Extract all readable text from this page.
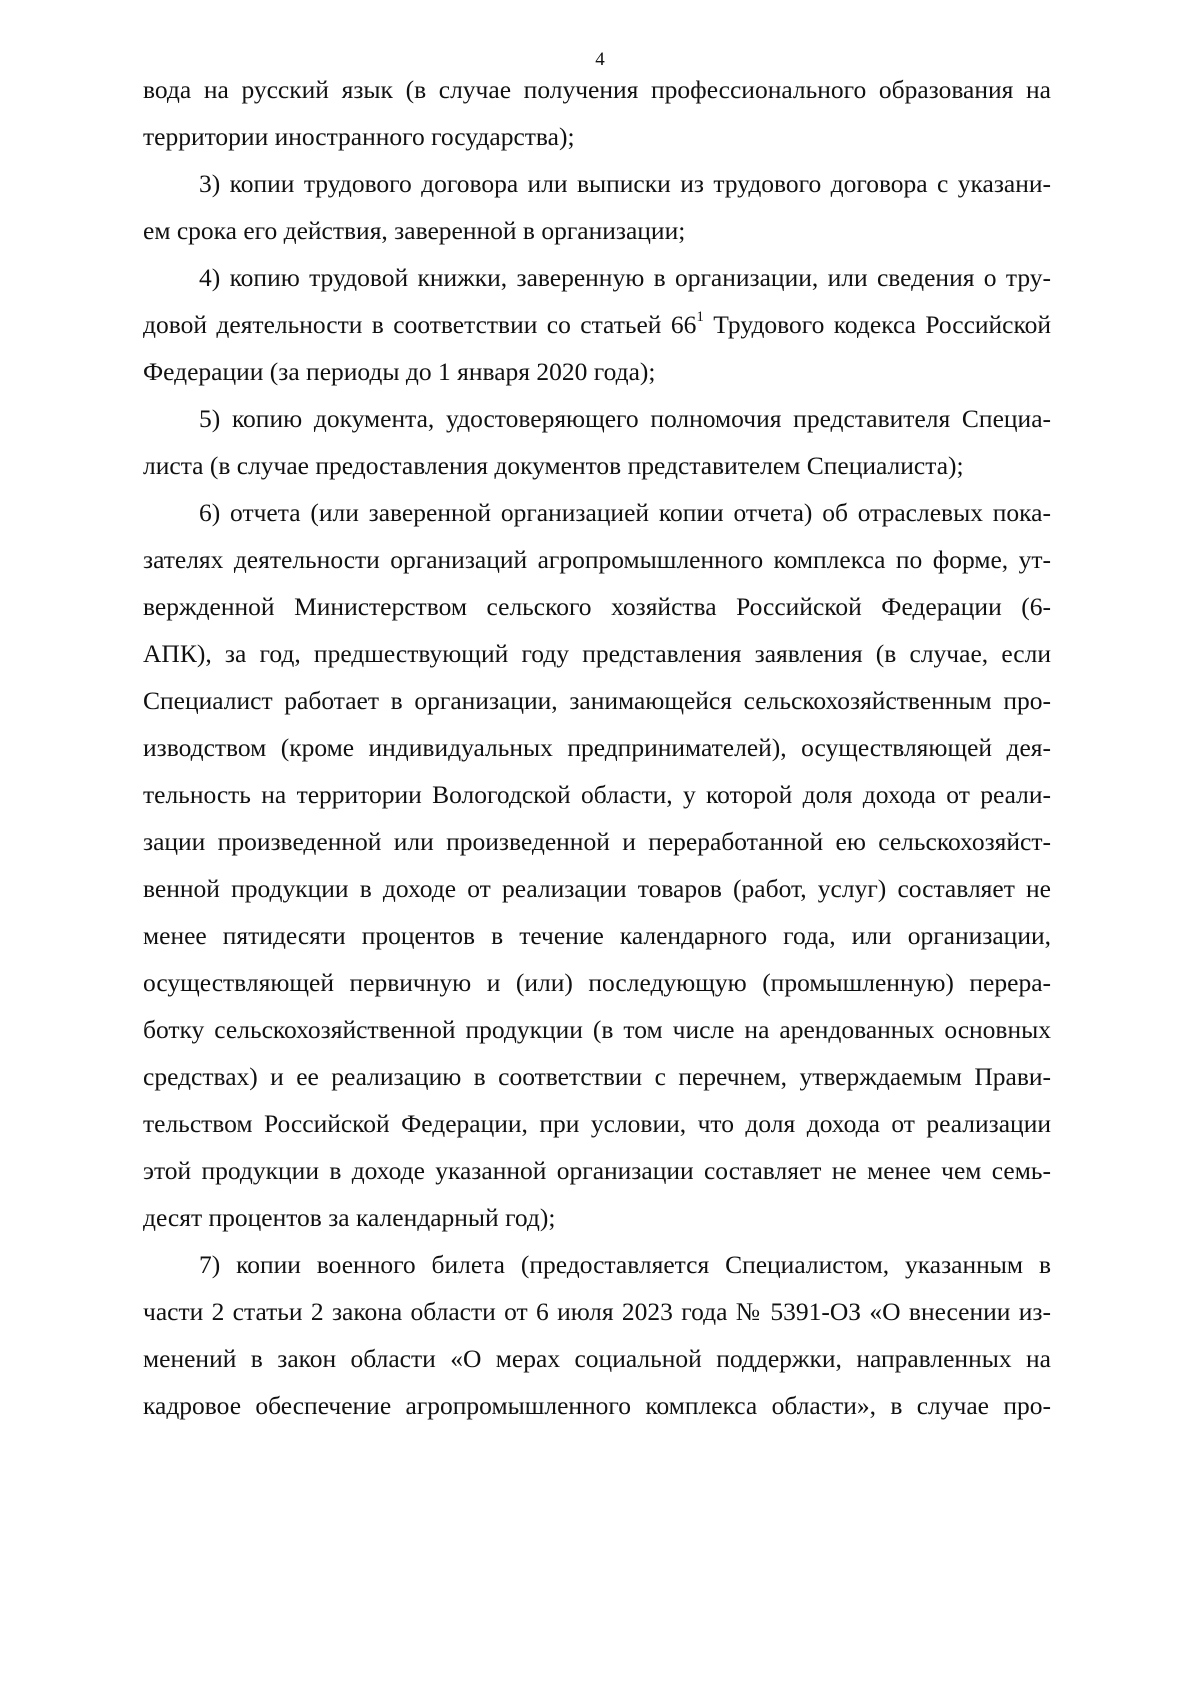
4
вода на русский язык (в случае получения профессионального образования на
территории иностранного государства);
3) копии трудового договора или выписки из трудового договора с указани-
ем срока его действия, заверенной в организации;
4) копию трудовой книжки, заверенную в организации, или сведения о тру-
довой деятельности в соответствии со статьей $66^1$ Трудового кодекса Российской
Федерации (за периоды до 1 января 2020 года);
5) копию документа, удостоверяющего полномочия представителя Специа-
листа (в случае предоставления документов представителем Специалиста);
6) отчета (или заверенной организацией копии отчета) об отраслевых пока-
зателях деятельности организаций агропромышленного комплекса по форме, ут-
вержденной Министерством сельского хозяйства Российской Федерации (6-
АПК), за год, предшествующий году представления заявления (в случае, если
Специалист работает в организации, занимающейся сельскохозяйственным про-
изводством (кроме индивидуальных предпринимателей), осуществляющей дея-
тельность на территории Вологодской области, у которой доля дохода от реали-
зации произведенной или произведенной и переработанной ею сельскохозяйст-
венной продукции в доходе от реализации товаров (работ, услуг) составляет не
менее пятидесяти процентов в течение календарного года, или организации,
осуществляющей первичную и (или) последующую (промышленную) перера-
ботку сельскохозяйственной продукции (в том числе на арендованных основных
средствах) и ее реализацию в соответствии с перечнем, утверждаемым Прави-
тельством Российской Федерации, при условии, что доля дохода от реализации
этой продукции в доходе указанной организации составляет не менее чем семь-
десят процентов за календарный год);
7) копии военного билета (предоставляется Специалистом, указанным в
части 2 статьи 2 закона области от 6 июля 2023 года № 5391-ОЗ «О внесении из-
менений в закон области «О мерах социальной поддержки, направленных на
кадровое обеспечение агропромышленного комплекса области», в случае про-
